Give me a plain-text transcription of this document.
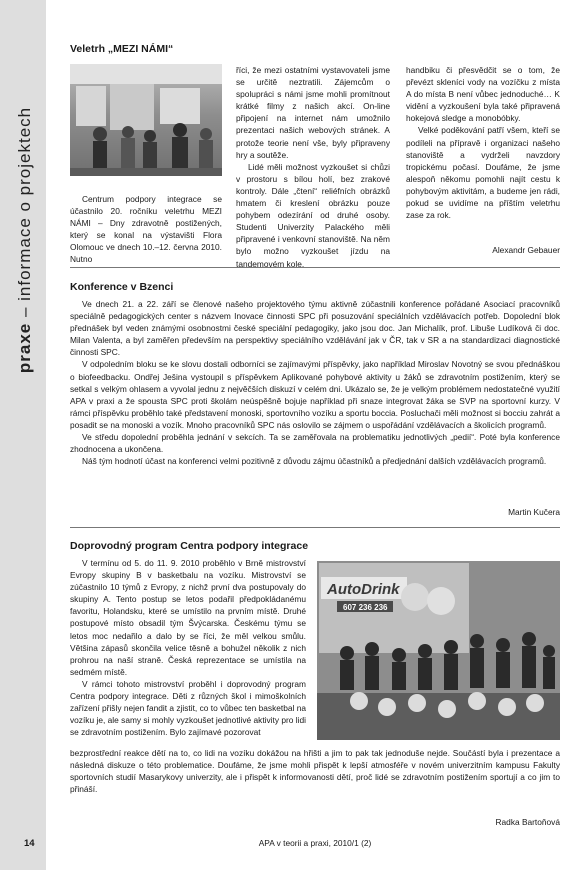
praxe – informace o projektech
Veletrh „MEZI NÁMI“

Centrum podpory integrace se účastnilo 20. ročníku veletrhu MEZI NÁMI – Dny zdravotně postižených, který se konal na výstavišti Flora Olomouc ve dnech 10.–12. června 2010. Nutno

říci, že mezi ostatními vystavovateli jsme se určitě neztratili. Zájemcům o spolupráci s námi jsme mohli promítnout krátké filmy z našich akcí. On-line připojení na internet nám umožnilo prezentaci našich webových stránek. A protože teorie není vše, byly připraveny hry a soutěže.

Lidé měli možnost vyzkoušet si chůzi v prostoru s bílou holí, bez zrakové kontroly. Dále „čtení“ reliéfních obrázků hmatem či kreslení obrázku pouze pohybem odezírání od druhé osoby. Studenti Univerzity Palackého měli připravené i venkovní stanoviště. Na něm bylo možno vyzkoušet jízdu na tandemovém kole,

handbiku či přesvědčit se o tom, že převézt skleníci vody na vozíčku z místa A do místa B není vůbec jednoduché… K vidění a vyzkoušení byla také připravená hokejová sledge a monobóbky.

Velké poděkování patří všem, kteří se podíleli na přípravě i organizaci našeho stanoviště a vydrželi navzdory tropickému počasí. Doufáme, že jsme alespoň někomu pomohli najít cestu k pohybovým aktivitám, a budeme jen rádi, pokud se uvidíme na příštím veletrhu zase za rok.

Alexandr Gebauer
Konference v Bzenci

Ve dnech 21. a 22. září se členové našeho projektového týmu aktivně zúčastnili konference pořádané Asociací pracovníků speciálně pedagogických center s názvem Inovace činnosti SPC při posuzování speciálních vzdělávacích potřeb. Dopolední blok přednášek byl veden známými osobnostmi české speciální pedagogiky, jako jsou doc. Jan Michalík, prof. Libuše Ludíková či doc. Milan Valenta, a byl zaměřen především na perspektivy speciálního vzdělávání jak v ČR, tak v SR a na standardizaci diagnostické činnosti SPC.

V odpoledním bloku se ke slovu dostali odborníci se zajímavými příspěvky, jako například Miroslav Novotný se svou přednáškou o biofeedbacku. Ondřej Ješina vystoupil s příspěvkem Aplikované pohybové aktivity u žáků se zdravotním postižením, který se setkal s velkým ohlasem a vyvolal jednu z nejvěčších diskuzí v celém dni. Ukázalo se, že je velkým problémem nedostatečné využití APA v praxi a že spousta SPC proti školám neúspěšně bojuje například při snaze integrovat žáka se SVP na sportovní kurzy. V rámci příspěvku proběhlo také představení monoski, sportovního vozíku a sportu boccia. Posluchači měli možnost si bocciu zahrát a posadit se na monoski a vozík. Mnoho pracovníků SPC nás oslovilo se zájmem o uspořádání vzdělávacích a školicích programů.

Ve středu dopolední proběhla jednání v sekcích. Ta se zaměřovala na problematiku jednotlivých „pedií“. Poté byla konference zhodnocena a ukončena.

Náš tým hodnotí účast na konferenci velmi pozitivně z důvodu zájmu účastníků a předjednání dalších vzdělávacích programů.

Martin Kučera
Doprovodný program Centra podpory integrace

V termínu od 5. do 11. 9. 2010 proběhlo v Brně mistrovství Evropy skupiny B v basketbalu na vozíku. Mistrovství se zúčastnilo 10 týmů z Evropy, z nichž první dva postupovaly do skupiny A. Tento postup se letos podařil předpokládanému favoritu, Holandsku, které se umístilo na prvním místě. Druhé postupové místo obsadil tým Švýcarska. Českému týmu se letos moc nedařilo a dalo by se říci, že měl velkou smůlu. Většina zápasů skončila velice těsně a bohužel několik z nich prohrou na naší straně. Česká reprezentace se umístila na sedmém místě.

V rámci tohoto mistrovství proběhl i doprovodný program Centra podpory integrace. Děti z různých škol i mimoškolních zařízení přišly nejen fandit a zjistit, co to vůbec ten basketbal na vozíku je, ale samy si mohly vyzkoušet jednotlivé aktivity pro lidi se zdravotním postižením. Bylo zajímavé pozorovat

AutoDrink
607 236 236

bezprostřední reakce dětí na to, co lidi na vozíku dokážou na hřišti a jim to pak tak jednoduše nejde. Součástí byla i prezentace a následná diskuze o této problematice. Doufáme, že jsme mohli přispět k lepší atmosféře v novém univerzitním kampusu Fakulty sportovních studií Masarykovy univerzity, ale i přispět k informovanosti dětí, proč lidé se zdravotním postižením sportují a co jim to přináší.

Radka Bartoňová
14	APA v teorii a praxi, 2010/1 (2)
